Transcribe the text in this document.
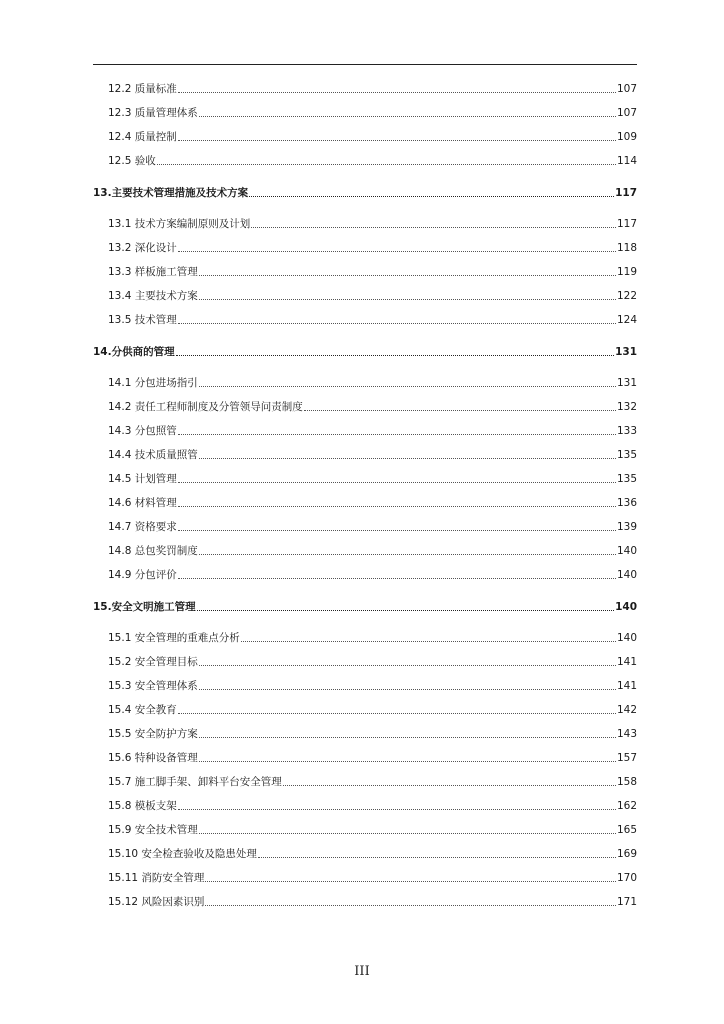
12.2 质量标准	107
12.3 质量管理体系	107
12.4 质量控制	109
12.5 验收	114
13.主要技术管理措施及技术方案	117
13.1 技术方案编制原则及计划	117
13.2 深化设计	118
13.3 样板施工管理	119
13.4 主要技术方案	122
13.5 技术管理	124
14.分供商的管理	131
14.1 分包进场指引	131
14.2 责任工程师制度及分管领导问责制度	132
14.3 分包照管	133
14.4 技术质量照管	135
14.5 计划管理	135
14.6 材料管理	136
14.7 资格要求	139
14.8 总包奖罚制度	140
14.9 分包评价	140
15.安全文明施工管理	140
15.1 安全管理的重难点分析	140
15.2 安全管理目标	141
15.3 安全管理体系	141
15.4 安全教育	142
15.5 安全防护方案	143
15.6 特种设备管理	157
15.7 施工脚手架、卸料平台安全管理	158
15.8 模板支架	162
15.9 安全技术管理	165
15.10 安全检查验收及隐患处理	169
15.11 消防安全管理	170
15.12 风险因素识别	171
III
